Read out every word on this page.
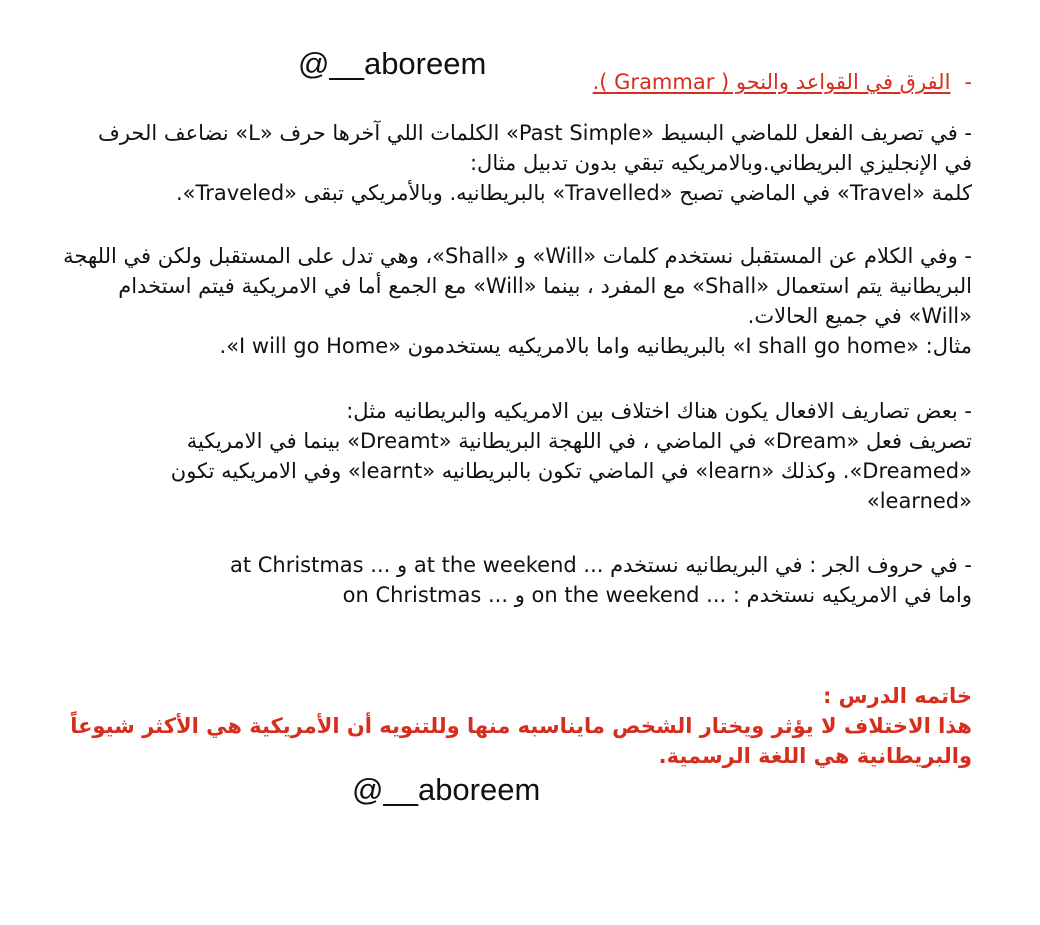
@__aboreem
-الفرق في القواعد والنحو ( Grammar ).
- في تصريف الفعل للماضي البسيط «Past Simple» الكلمات اللي آخرها حرف «L» نضاعف الحرف
في الإنجليزي البريطاني.وبالامريكيه تبقي بدون تدبيل مثال:
كلمة «Travel» في الماضي تصبح «Travelled» بالبريطانيه. وبالأمريكي تبقى «Traveled».
- وفي الكلام عن المستقبل نستخدم كلمات «Will» و «Shall»، وهي تدل على المستقبل ولكن في اللهجة
البريطانية يتم استعمال «Shall» مع المفرد ، بينما «Will» مع الجمع أما في الامريكية فيتم استخدام
«Will» في جميع الحالات.
مثال: «I shall go home» بالبريطانيه واما بالامريكيه يستخدمون «I will go Home».
- بعض تصاريف الافعال يكون هناك اختلاف بين الامريكيه والبريطانيه مثل:
تصريف فعل «Dream» في الماضي ، في اللهجة البريطانية «Dreamt» بينما في الامريكية
«Dreamed». وكذلك «learn» في الماضي تكون بالبريطانيه «learnt» وفي الامريكيه تكون
«learned»
- في حروف الجر : في البريطانيه نستخدم ... at the weekend و ... at Christmas
واما في الامريكيه نستخدم : ... on the weekend و ... on Christmas
خاتمه الدرس :
هذا الاختلاف لا يؤثر ويختار الشخص مايناسبه منها وللتنويه أن الأمريكية هي الأكثر شيوعاً
والبريطانية هي اللغة الرسمية.
@__aboreem
